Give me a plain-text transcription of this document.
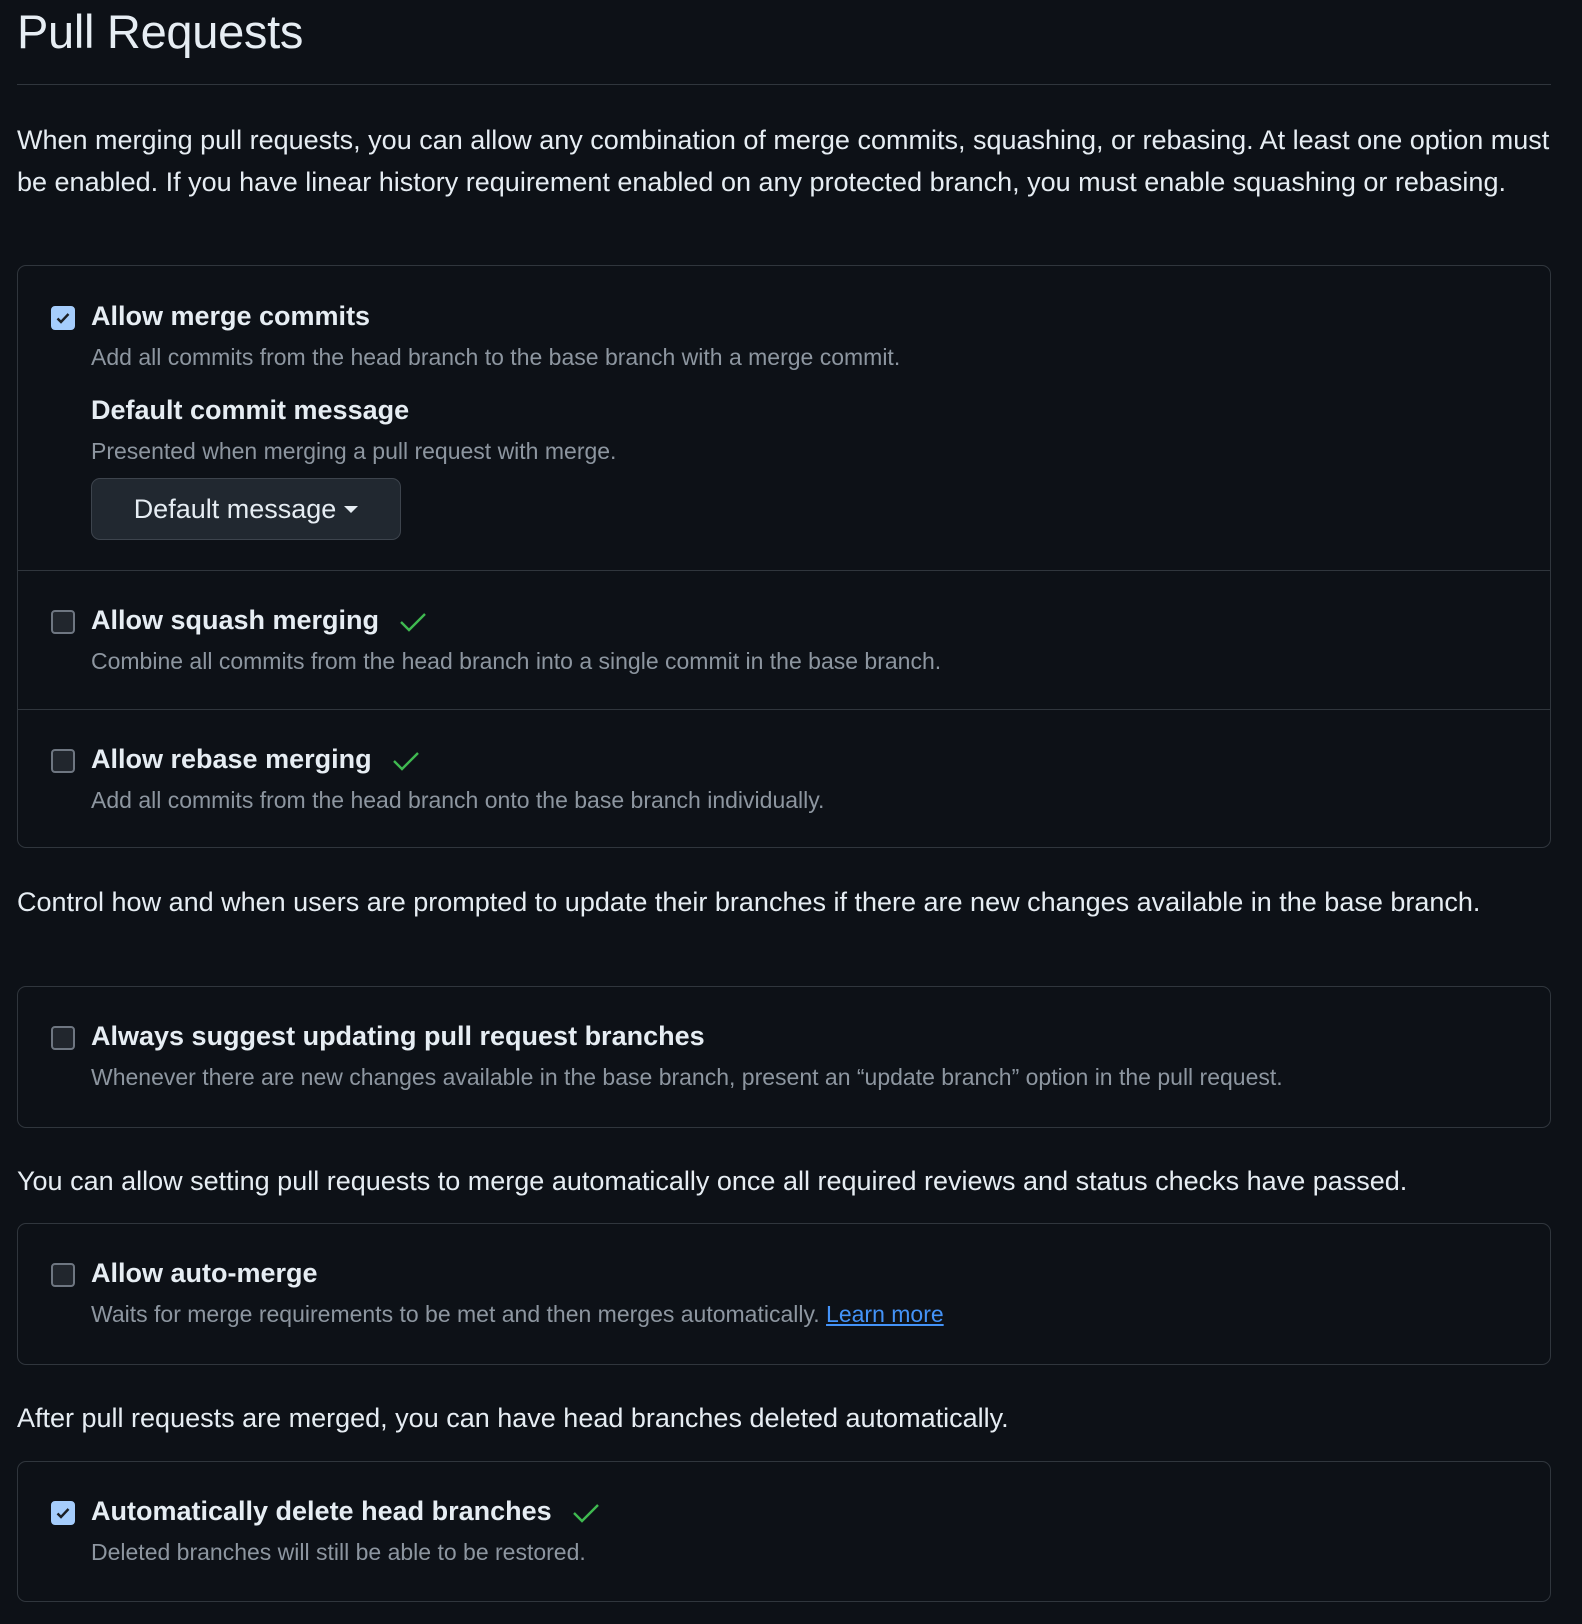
Pull Requests
When merging pull requests, you can allow any combination of merge commits, squashing, or rebasing. At least one option must be enabled. If you have linear history requirement enabled on any protected branch, you must enable squashing or rebasing.
Allow merge commits
Add all commits from the head branch to the base branch with a merge commit.
Default commit message
Presented when merging a pull request with merge.
Default message
Allow squash merging
Combine all commits from the head branch into a single commit in the base branch.
Allow rebase merging
Add all commits from the head branch onto the base branch individually.
Control how and when users are prompted to update their branches if there are new changes available in the base branch.
Always suggest updating pull request branches
Whenever there are new changes available in the base branch, present an “update branch” option in the pull request.
You can allow setting pull requests to merge automatically once all required reviews and status checks have passed.
Allow auto-merge
Waits for merge requirements to be met and then merges automatically. Learn more
After pull requests are merged, you can have head branches deleted automatically.
Automatically delete head branches
Deleted branches will still be able to be restored.
